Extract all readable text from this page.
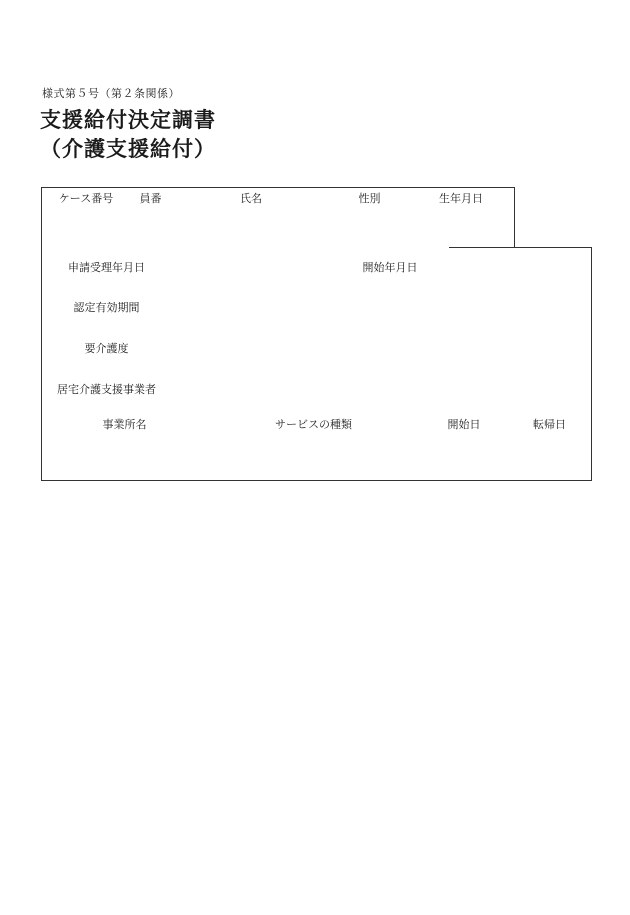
様式第５号（第２条関係）
支援給付決定調書
（介護支援給付）
ケース番号	員番	氏名	性別	生年月日
申請受理年月日	開始年月日
認定有効期間
要介護度
居宅介護支援事業者
事業所名	サービスの種類	開始日	転帰日
